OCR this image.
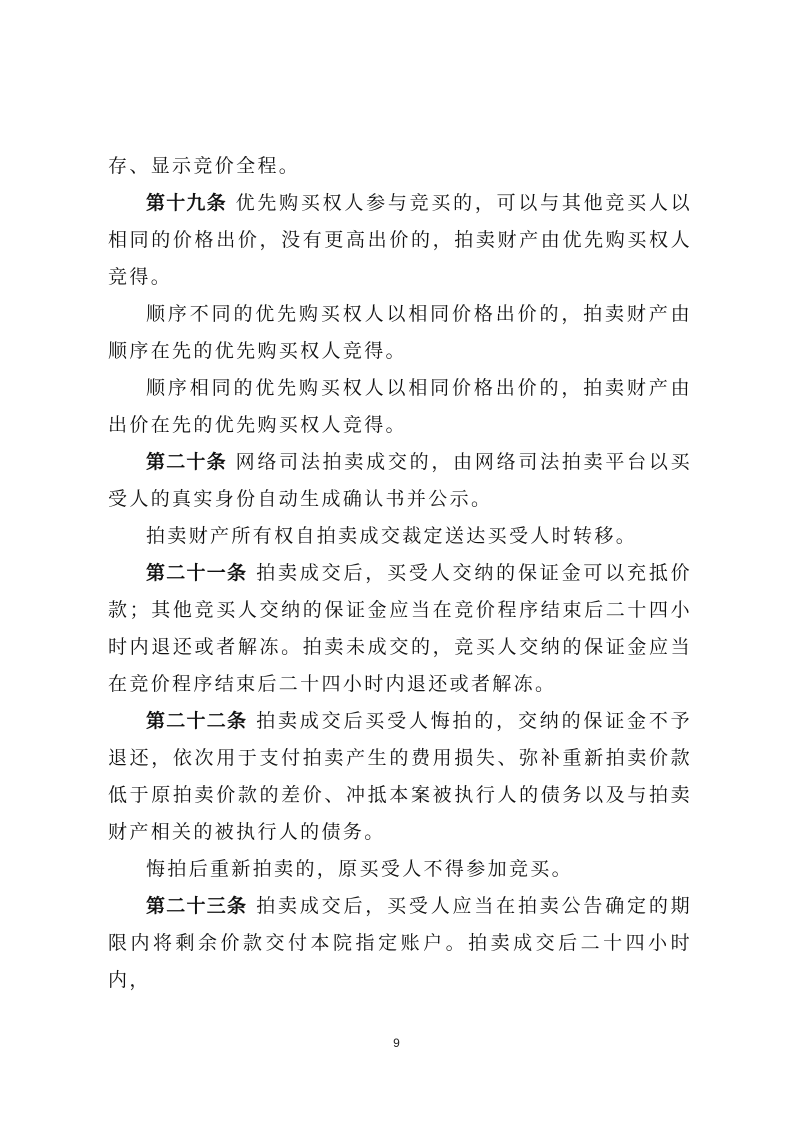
存、显示竞价全程。

第十九条 优先购买权人参与竞买的，可以与其他竞买人以相同的价格出价，没有更高出价的，拍卖财产由优先购买权人竞得。

顺序不同的优先购买权人以相同价格出价的，拍卖财产由顺序在先的优先购买权人竞得。

顺序相同的优先购买权人以相同价格出价的，拍卖财产由出价在先的优先购买权人竞得。

第二十条 网络司法拍卖成交的，由网络司法拍卖平台以买受人的真实身份自动生成确认书并公示。

拍卖财产所有权自拍卖成交裁定送达买受人时转移。

第二十一条 拍卖成交后，买受人交纳的保证金可以充抵价款；其他竞买人交纳的保证金应当在竞价程序结束后二十四小时内退还或者解冻。拍卖未成交的，竞买人交纳的保证金应当在竞价程序结束后二十四小时内退还或者解冻。

第二十二条 拍卖成交后买受人悔拍的，交纳的保证金不予退还，依次用于支付拍卖产生的费用损失、弥补重新拍卖价款低于原拍卖价款的差价、冲抵本案被执行人的债务以及与拍卖财产相关的被执行人的债务。

悔拍后重新拍卖的，原买受人不得参加竞买。

第二十三条 拍卖成交后，买受人应当在拍卖公告确定的期限内将剩余价款交付本院指定账户。拍卖成交后二十四小时内，

9
